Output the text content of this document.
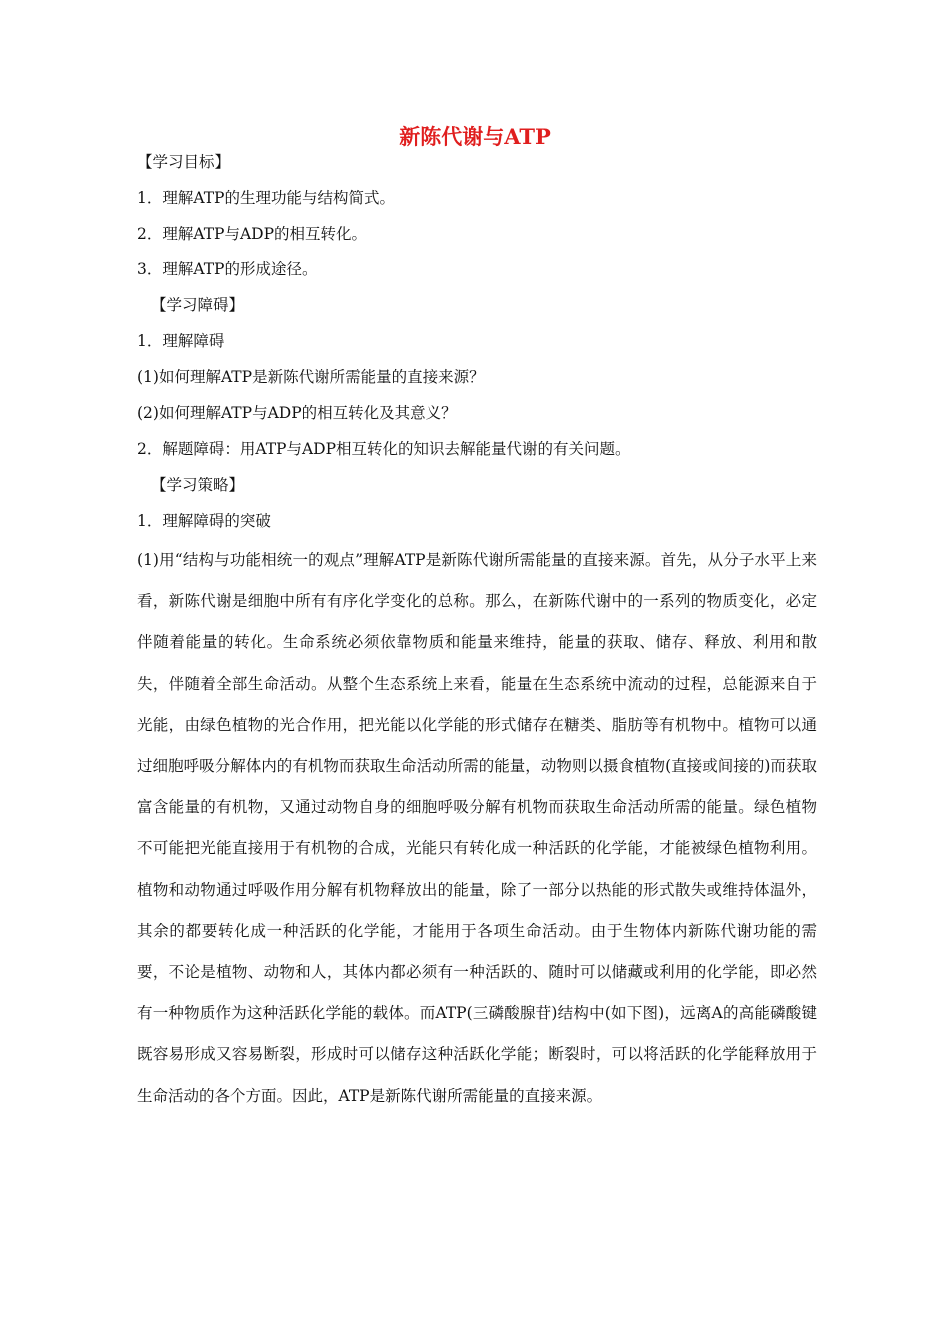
新陈代谢与ATP
【学习目标】
1．理解ATP的生理功能与结构简式。
2．理解ATP与ADP的相互转化。
3．理解ATP的形成途径。
【学习障碍】
1．理解障碍
(1)如何理解ATP是新陈代谢所需能量的直接来源？
(2)如何理解ATP与ADP的相互转化及其意义？
2．解题障碍：用ATP与ADP相互转化的知识去解能量代谢的有关问题。
【学习策略】
1．理解障碍的突破
(1)用“结构与功能相统一的观点”理解ATP是新陈代谢所需能量的直接来源。首先，从分子水平上来看，新陈代谢是细胞中所有有序化学变化的总称。那么，在新陈代谢中的一系列的物质变化，必定伴随着能量的转化。生命系统必须依靠物质和能量来维持，能量的获取、储存、释放、利用和散失，伴随着全部生命活动。从整个生态系统上来看，能量在生态系统中流动的过程，总能源来自于光能，由绿色植物的光合作用，把光能以化学能的形式储存在糖类、脂肪等有机物中。植物可以通过细胞呼吸分解体内的有机物而获取生命活动所需的能量，动物则以摄食植物(直接或间接的)而获取富含能量的有机物，又通过动物自身的细胞呼吸分解有机物而获取生命活动所需的能量。绿色植物不可能把光能直接用于有机物的合成，光能只有转化成一种活跃的化学能，才能被绿色植物利用。植物和动物通过呼吸作用分解有机物释放出的能量，除了一部分以热能的形式散失或维持体温外，其余的都要转化成一种活跃的化学能，才能用于各项生命活动。由于生物体内新陈代谢功能的需要，不论是植物、动物和人，其体内都必须有一种活跃的、随时可以储藏或利用的化学能，即必然有一种物质作为这种活跃化学能的载体。而ATP(三磷酸腺苷)结构中(如下图)，远离A的高能磷酸键既容易形成又容易断裂，形成时可以储存这种活跃化学能；断裂时，可以将活跃的化学能释放用于生命活动的各个方面。因此，ATP是新陈代谢所需能量的直接来源。
